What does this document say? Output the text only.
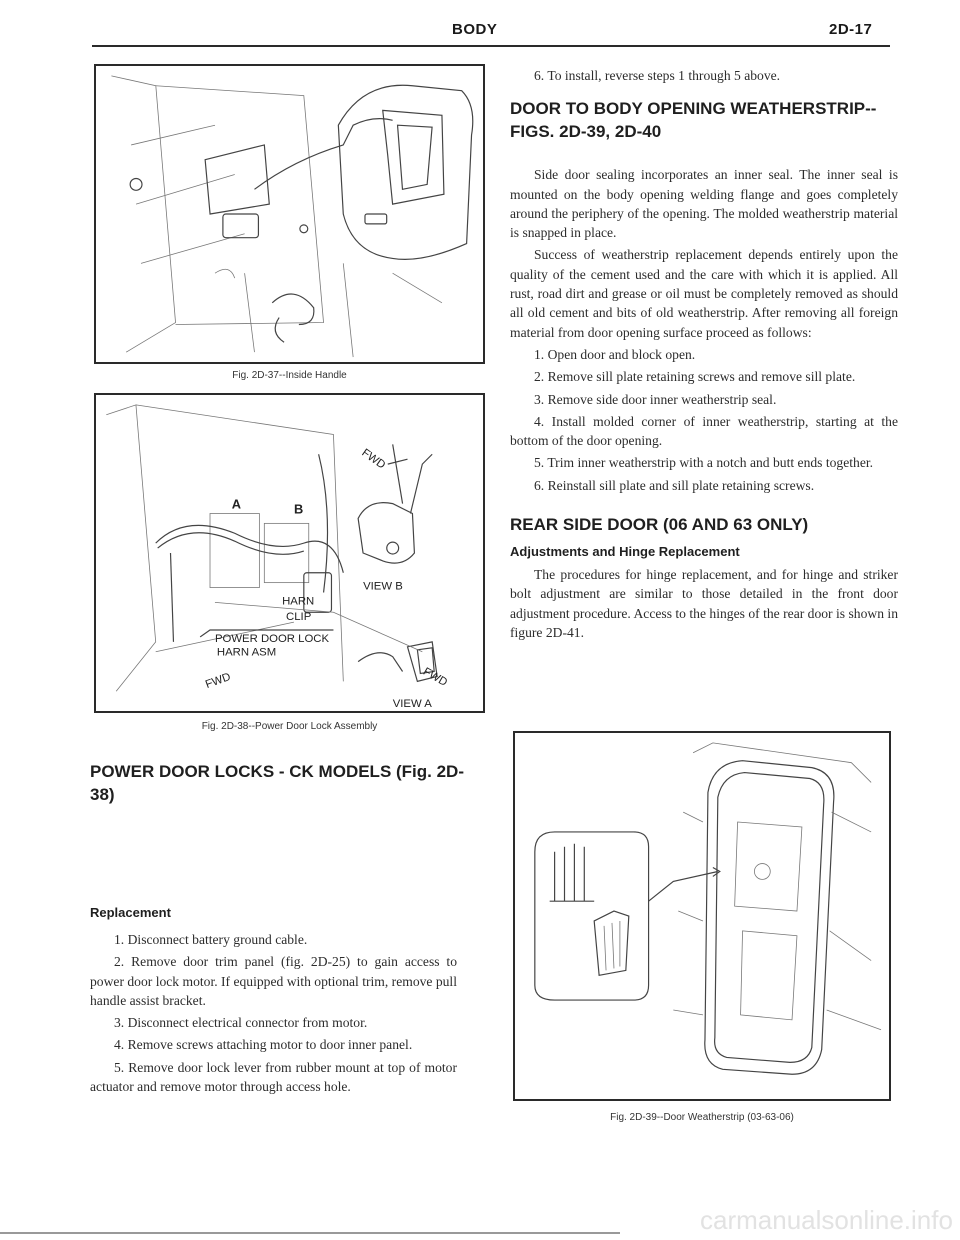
BODY	2D-17
Fig. 2D-37--Inside Handle
FWD
A	B
VIEW B
HARN
CLIP
POWER DOOR LOCK
HARN ASM
FWD	FWD
VIEW A
Fig. 2D-38--Power Door Lock Assembly
POWER DOOR LOCKS - CK MODELS (Fig. 2D-38)
Replacement

1. Disconnect battery ground cable.

2. Remove door trim panel (fig. 2D-25) to gain access to power door lock motor. If equipped with optional trim, remove pull handle assist bracket.

3. Disconnect electrical connector from motor.

4. Remove screws attaching motor to door inner panel.

5. Remove door lock lever from rubber mount at top of motor actuator and remove motor through access hole.

6. To install, reverse steps 1 through 5 above.

DOOR TO BODY OPENING WEATHERSTRIP--FIGS. 2D-39, 2D-40

Side door sealing incorporates an inner seal. The inner seal is mounted on the body opening welding flange and goes completely around the periphery of the opening. The molded weatherstrip material is snapped in place.

Success of weatherstrip replacement depends entirely upon the quality of the cement used and the care with which it is applied. All rust, road dirt and grease or oil must be completely removed as should all old cement and bits of old weatherstrip. After removing all foreign material from door opening surface proceed as follows:

1. Open door and block open.

2. Remove sill plate retaining screws and remove sill plate.

3. Remove side door inner weatherstrip seal.

4. Install molded corner of inner weatherstrip, starting at the bottom of the door opening.

5. Trim inner weatherstrip with a notch and butt ends together.

6. Reinstall sill plate and sill plate retaining screws.

REAR SIDE DOOR (06 AND 63 ONLY)
Adjustments and Hinge Replacement

The procedures for hinge replacement, and for hinge and striker bolt adjustment are similar to those detailed in the front door adjustment procedure. Access to the hinges of the rear door is shown in figure 2D-41.

Fig. 2D-39--Door Weatherstrip (03-63-06)
carmanualsonline.info
